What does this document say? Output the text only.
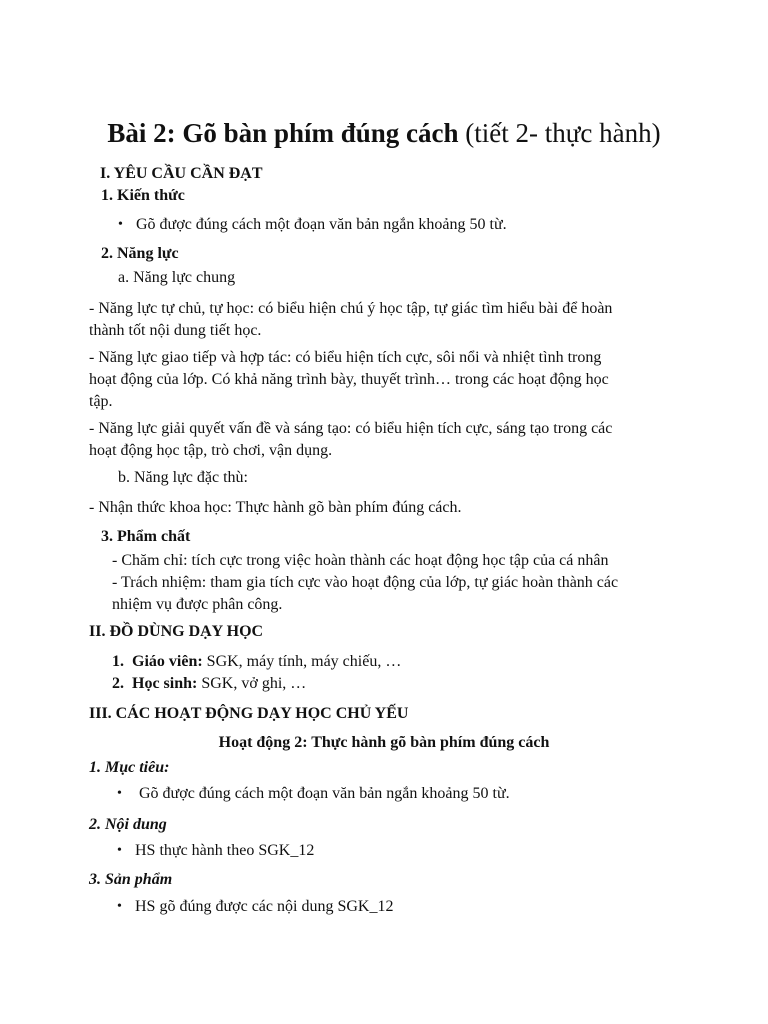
Bài 2: Gõ bàn phím đúng cách (tiết 2- thực hành)
I. YÊU CẦU CẦN ĐẠT
1. Kiến thức
• Gõ được đúng cách một đoạn văn bản ngắn khoảng 50 từ.
2. Năng lực
a. Năng lực chung
- Năng lực tự chủ, tự học: có biểu hiện chú ý học tập, tự giác tìm hiểu bài để hoàn
thành tốt nội dung tiết học.
- Năng lực giao tiếp và hợp tác: có biểu hiện tích cực, sôi nổi và nhiệt tình trong
hoạt động của lớp. Có khả năng trình bày, thuyết trình… trong các hoạt động học
tập.
- Năng lực giải quyết vấn đề và sáng tạo: có biểu hiện tích cực, sáng tạo trong các
hoạt động học tập, trò chơi, vận dụng.
b. Năng lực đặc thù:
- Nhận thức khoa học: Thực hành gõ bàn phím đúng cách.
3. Phẩm chất
- Chăm chỉ: tích cực trong việc hoàn thành các hoạt động học tập của cá nhân
- Trách nhiệm: tham gia tích cực vào hoạt động của lớp, tự giác hoàn thành các
nhiệm vụ được phân công.
II. ĐỒ DÙNG DẠY HỌC
1. Giáo viên: SGK, máy tính, máy chiếu, …
2. Học sinh: SGK, vở ghi, …
III. CÁC HOẠT ĐỘNG DẠY HỌC CHỦ YẾU
Hoạt động 2: Thực hành gõ bàn phím đúng cách
1. Mục tiêu:
• Gõ được đúng cách một đoạn văn bản ngắn khoảng 50 từ.
2. Nội dung
• HS thực hành theo SGK_12
3. Sản phẩm
• HS gõ đúng được các nội dung SGK_12
